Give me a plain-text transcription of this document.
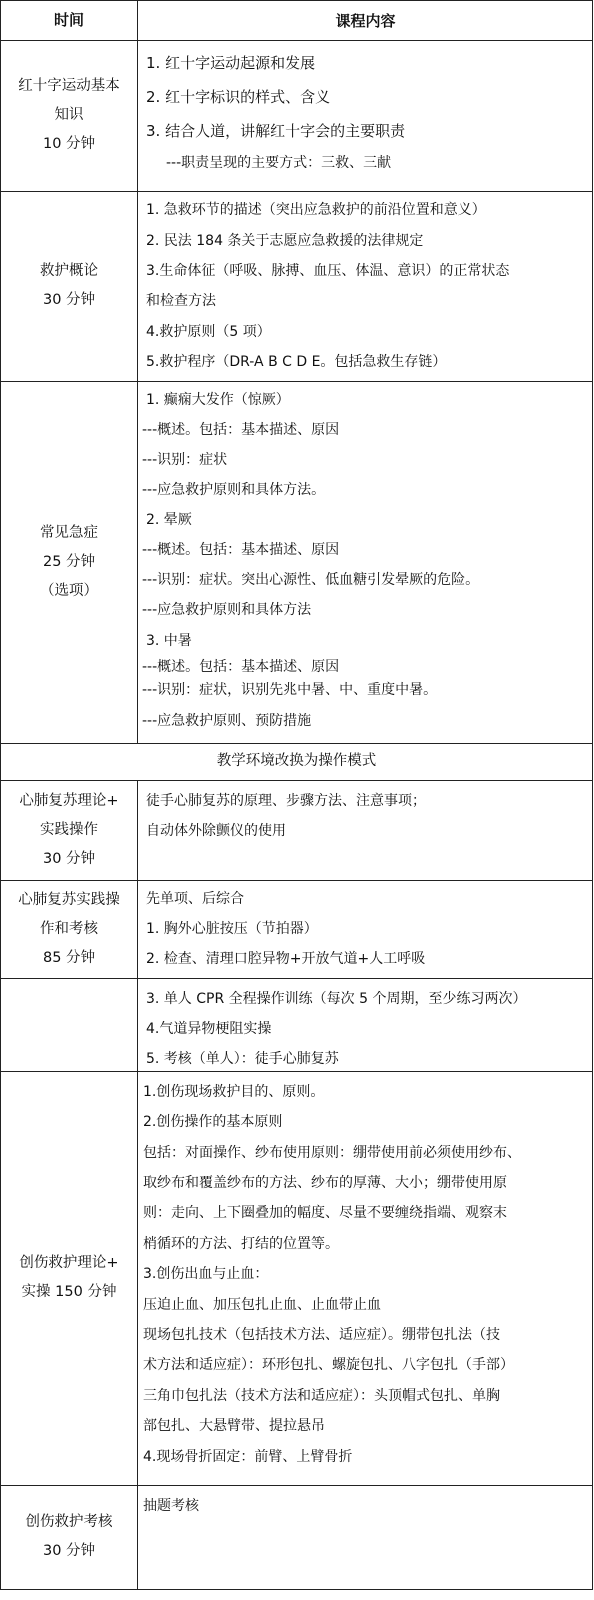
时间	课程内容
红十字运动基本
知识
10 分钟
1. 红十字运动起源和发展
2. 红十字标识的样式、含义
3. 结合人道，讲解红十字会的主要职责
---职责呈现的主要方式：三救、三献
救护概论
30 分钟
1. 急救环节的描述（突出应急救护的前沿位置和意义）
2. 民法 184 条关于志愿应急救援的法律规定
3.生命体征（呼吸、脉搏、血压、体温、意识）的正常状态
和检查方法
4.救护原则（5 项）
5.救护程序（DR-A B C D E。包括急救生存链）
常见急症
25 分钟
（选项）
1. 癫痫大发作（惊厥）
---概述。包括：基本描述、原因
---识别：症状
---应急救护原则和具体方法。
2. 晕厥
---概述。包括：基本描述、原因
---识别：症状。突出心源性、低血糖引发晕厥的危险。
---应急救护原则和具体方法
3. 中暑
---概述。包括：基本描述、原因
---识别：症状，识别先兆中暑、中、重度中暑。
---应急救护原则、预防措施
教学环境改换为操作模式
心肺复苏理论+
实践操作
30 分钟
徒手心肺复苏的原理、步骤方法、注意事项；
自动体外除颤仪的使用
心肺复苏实践操
作和考核
85 分钟
先单项、后综合
1. 胸外心脏按压（节拍器）
2. 检查、清理口腔异物+开放气道+人工呼吸
3. 单人 CPR 全程操作训练（每次 5 个周期，至少练习两次）
4.气道异物梗阻实操
5. 考核（单人）：徒手心肺复苏
创伤救护理论+
实操 150 分钟
1.创伤现场救护目的、原则。
2.创伤操作的基本原则
包括：对面操作、纱布使用原则：绷带使用前必须使用纱布、
取纱布和覆盖纱布的方法、纱布的厚薄、大小；绷带使用原
则：走向、上下圈叠加的幅度、尽量不要缠绕指端、观察末
梢循环的方法、打结的位置等。
3.创伤出血与止血：
压迫止血、加压包扎止血、止血带止血
现场包扎技术（包括技术方法、适应症）。绷带包扎法（技
术方法和适应症）：环形包扎、螺旋包扎、八字包扎（手部）
三角巾包扎法（技术方法和适应症）：头顶帽式包扎、单胸
部包扎、大悬臂带、提拉悬吊
4.现场骨折固定：前臂、上臂骨折
创伤救护考核
30 分钟
抽题考核
